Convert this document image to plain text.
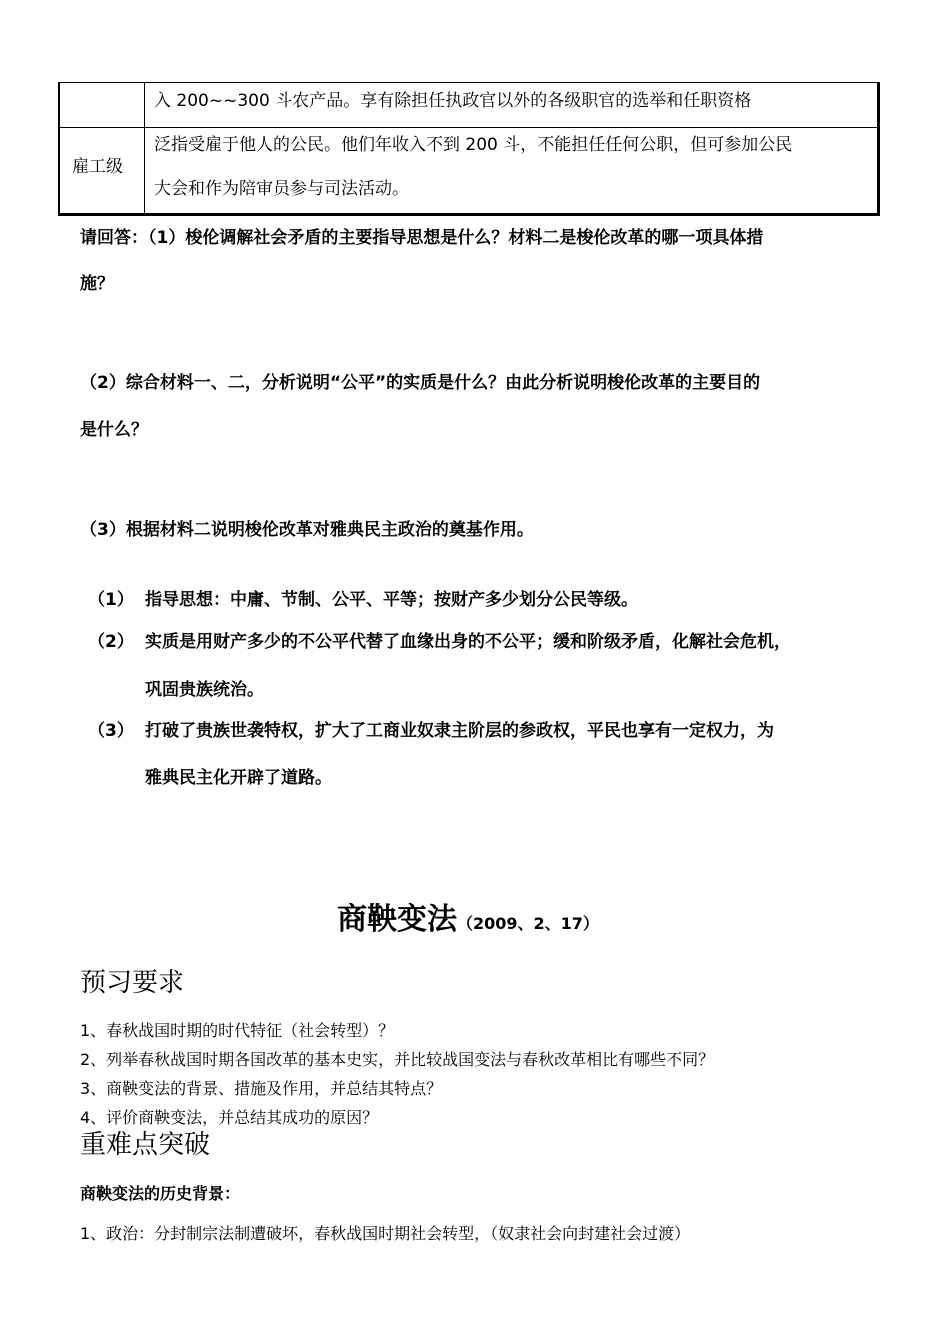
入 200~~300 斗农产品。享有除担任执政官以外的各级职官的选举和任职资格
雇工级
泛指受雇于他人的公民。他们年收入不到 200 斗，不能担任任何公职，但可参加公民
大会和作为陪审员参与司法活动。
请回答：（1）梭伦调解社会矛盾的主要指导思想是什么？材料二是梭伦改革的哪一项具体措
施？
（2）综合材料一、二，分析说明“公平”的实质是什么？由此分析说明梭伦改革的主要目的
是什么？
（3）根据材料二说明梭伦改革对雅典民主政治的奠基作用。
（1） 指导思想：中庸、节制、公平、平等；按财产多少划分公民等级。
（2） 实质是用财产多少的不公平代替了血缘出身的不公平；缓和阶级矛盾，化解社会危机，
巩固贵族统治。
（3） 打破了贵族世袭特权，扩大了工商业奴隶主阶层的参政权，平民也享有一定权力，为
雅典民主化开辟了道路。
商鞅变法（2009、2、17）
预习要求
1、春秋战国时期的时代特征（社会转型）？
2、列举春秋战国时期各国改革的基本史实，并比较战国变法与春秋改革相比有哪些不同？
3、商鞅变法的背景、措施及作用，并总结其特点？
4、评价商鞅变法，并总结其成功的原因？
重难点突破
商鞅变法的历史背景：
1、政治：分封制宗法制遭破坏，春秋战国时期社会转型，（奴隶社会向封建社会过渡）
